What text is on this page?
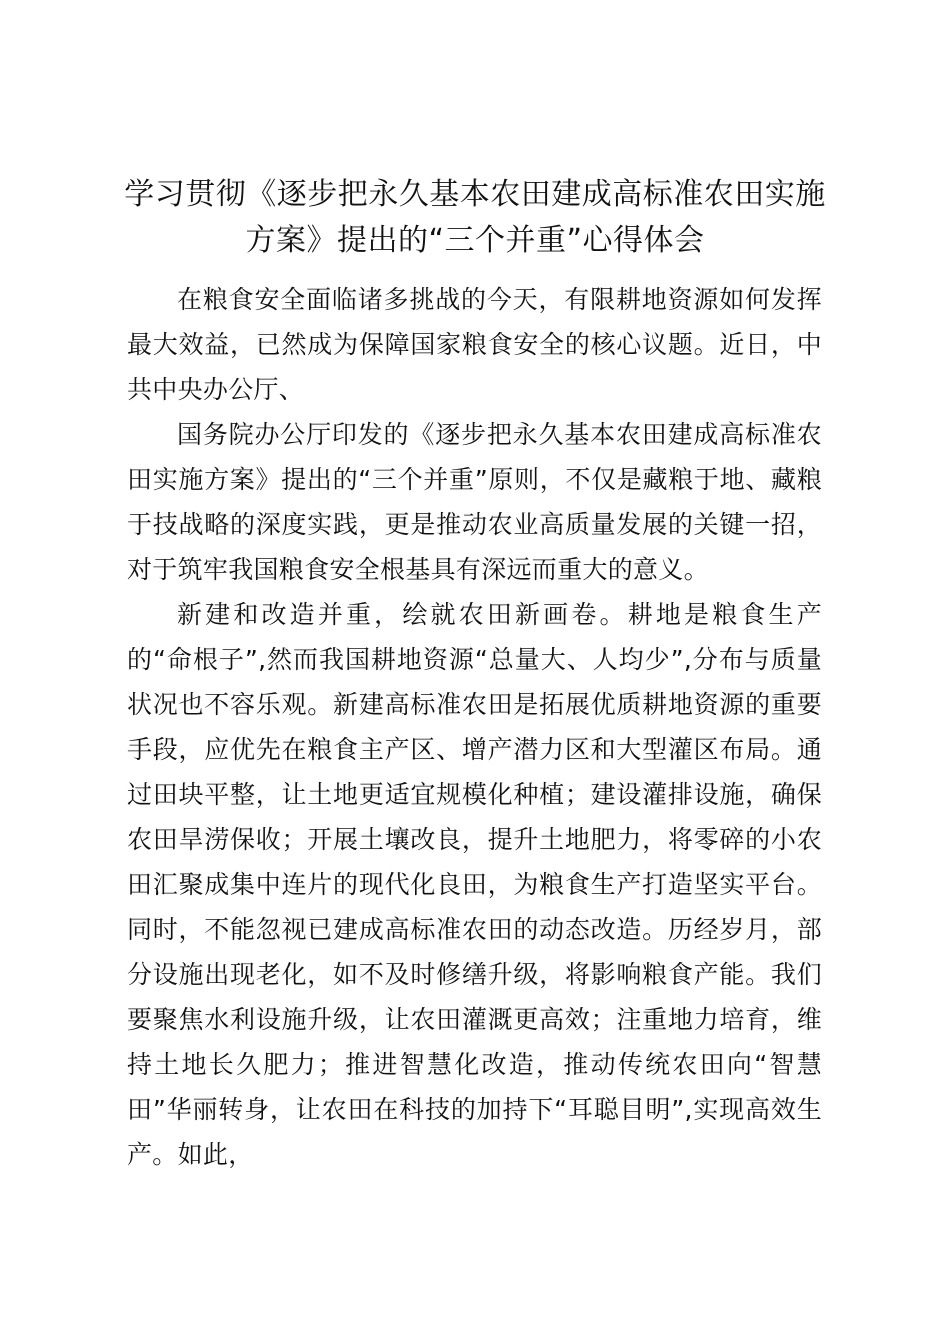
学习贯彻《逐步把永久基本农田建成高标准农田实施方案》提出的“三个并重”心得体会

在粮食安全面临诸多挑战的今天，有限耕地资源如何发挥最大效益，已然成为保障国家粮食安全的核心议题。近日，中共中央办公厅、

国务院办公厅印发的《逐步把永久基本农田建成高标准农田实施方案》提出的“三个并重”原则，不仅是藏粮于地、藏粮于技战略的深度实践，更是推动农业高质量发展的关键一招，对于筑牢我国粮食安全根基具有深远而重大的意义。

新建和改造并重，绘就农田新画卷。耕地是粮食生产的“命根子”,然而我国耕地资源“总量大、人均少”,分布与质量状况也不容乐观。新建高标准农田是拓展优质耕地资源的重要手段，应优先在粮食主产区、增产潜力区和大型灌区布局。通过田块平整，让土地更适宜规模化种植；建设灌排设施，确保农田旱涝保收；开展土壤改良，提升土地肥力，将零碎的小农田汇聚成集中连片的现代化良田，为粮食生产打造坚实平台。同时，不能忽视已建成高标准农田的动态改造。历经岁月，部分设施出现老化，如不及时修缮升级，将影响粮食产能。我们要聚焦水利设施升级，让农田灌溉更高效；注重地力培育，维持土地长久肥力；推进智慧化改造，推动传统农田向“智慧田”华丽转身，让农田在科技的加持下“耳聪目明”,实现高效生产。如此，
